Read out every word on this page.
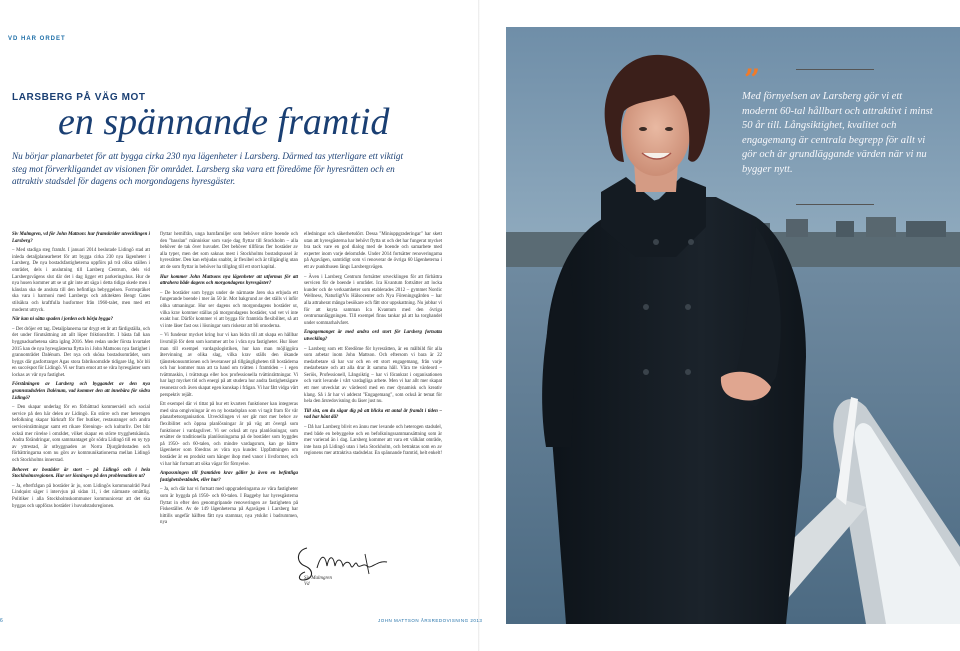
VD HAR ORDET
LARSBERG PÅ VÄG MOT
en spännande framtid
Nu börjar planarbetet för att bygga cirka 230 nya lägenheter i Larsberg. Därmed tas ytterligare ett viktigt steg mot förverkligandet av visionen för området. Larsberg ska vara ett föredöme för hyresrätten och en attraktiv stadsdel för dagens och morgondagens hyresgäster.

Siv Malmgren, vd för John Mattson: hur framskrider utvecklingen i Larsberg?

– Med stadiga steg framåt. I januari 2014 beslutade Lidingö stad att inleda detaljplanearbetet för att bygga cirka 230 nya lägenheter i Larsberg. De nya bostadsfastigheterna uppförs på två olika ställen i området, dels i anslutning till Larsberg Centrum, dels vid Larsbergsvägens slut där det i dag ligger ett parkeringshus. Hur de nya husen kommer att se ut går inte att säga i detta tidiga skede men i känslan ska de ansluta till den befintliga bebyggelsen. Formspråket ska vara i harmoni med Larsbergs och arkitekten Bengt Gates stilsäkra och kraftfulla husformer från 1960-talet, men med ett modernt uttryck.

När kan ni sätta spaden i jorden och börja bygga?

– Det dröjer ett tag. Detaljplanerna tar drygt ett år att färdigställa, och det under förutsättning att allt löper friktionsfritt. I bästa fall kan byggnadsarbetena sätta igång 2016. Men redan under första kvartalet 2015 kan de nya hyresgästerna flytta in i John Mattsons nya fastighet i grannområdet Dalénum. Det nya och sköna bostadsområdet, som byggs där gasfortrarget Agas stora fabriksområde tidigare låg, bör bli en succéspot för Lidingö. Vi ser fram emot att se våra hyresgäster som lockas av vår nya fastighet.

Förståningen av Larsberg och byggandet av den nya grannstadsdelen Dalénum, vad kommer den att innebära för södra Lidingö?

– Den skapar underlag för en förbättrad kommersiell och social service på den här delen av Lidingö. En större och mer heterogen befolkning skapar bärkraft för fler butiker, restauranger och andra serviceinrättningar samt ett rikare förenings- och kulturliv. Det blir också mer rörelse i området, vilket skapar en större trygghetskänsla. Andra förändringar, som sammantaget gör södra Lidingö till en ny typ av yttrestad, är utbyggnaden av Norra Djurgårdsstaden och förbättringarna som nu görs av kommunikationerna mellan Lidingö och Stockholms innerstad.

Behovet av bostäder är stort – på Lidingö och i hela Stockholmsregionen. Hur ser lösningen på den problematiken ut?

– Ja, efterfrågan på bostäder är ju, som Lidingös kommunalråd Paul Lindquist säger i intervjun på sidan 11, i det närmaste omättlig. Politiker i alla Stockholmskommuner kommunicerar att det ska byggas och uppföras bostäder i huvudstadsregionen.

flyttar hemifrån, unga barnfamiljer som behöver större boende och den "basslan" människor som varje dag flyttar till Stockholm – alla behöver de tak över huvudet. Det behöver tillföras fler bostäder av alla typer, men det som saknas mest i Stockholms bostadspussel är hyresrätter. Den kan erbjudas snabbt, är flexibel och är tillgänglig utan att de som flyttar in behöver ha tillgång till ett stort kapital.

Hur kommer John Mattsons nya lägenheter att utformas för att attrahera både dagens och morgondagens hyresgäster?

– De bostäder som byggs under de närmaste åren ska erbjuda ett fungerande boende i mer än 50 år. Mot bakgrund av det ställs vi inför olika utmaningar. Hur ser dagens och morgondagens bostäder ut, vilka krav kommer ställas på morgondagens bostäder, vad vet vi inte exakt hur. Därför kommer vi att bygga för framtida flexibilitet, så att vi inte låser fast oss i lösningar som riskerar att bli omoderna.

– Vi funderar mycket kring hur vi kan bidra till att skapa en hållbar livsmiljö för dem som kommer att bo i våra nya fastigheter. Hur löser man till exempel vardagslogistiken, hur kan man möjliggöra återvinning av olika slag, vilka krav ställs den ökande tjänstekonsumtionen och leveranser på tillgängligheten till bostäderna och hur kommer man att ta hand om tvätten i framtiden – i egen tvättmaskin, i tvättstuga eller hos professionella tvättinrättningar. Vi har lagt mycket tid och energi på att studera hur andra fastighetsägare resonerar och även skapat egen kunskap i frågan. Vi har fått vidga vårt perspektiv rejält.

Ett exempel där vi tittat på hur ett kvarters funktioner kan integreras med sina omgivningar är en ny bostadsplan som vi tagit fram för vår planarbetsorganisation. Utvecklingen vi ser går mot mer behov av flexibilitet och öppna planlösningar är på väg att övergå som funktioner i vardagslivet. Vi ser också att nya planlösningar, som ersätter de traditionella planlösningarna på de bostäder som byggdes på 1950- och 60-talen, och mindre vardagsrum, kan ge bättre lägenheter som föredras av våra nya kunder. Uppfattningen om bostäder är en produkt som hänger ihop med vanor i livsformer, och vi har här fortsatt att söka vägar för förnyelse.

Anpassningen till framtiden krav gäller ju även en befintliga fastighetsbeståndet, eller hur?

– Ja, och där har vi fortsatt med uppgraderingarna av våra fastigheter som är byggda på 1950- och 60-talen. I Baggeby har hyresgästerna flyttat in efter den genomgripande renoveringen av fastigheten på Fiskestället. Av de 149 lägenheterna på Agavägen i Larsberg har hittills ungefär hälften fått nya stammar, nya ytskikt i badrummen, nya

elledningar och säkerhetsdörr. Dessa "Miniuppgraderingar" har skett utan att hyresgästerna har behövt flytta ut och det har fungerat mycket bra tack vare en god dialog med de boende och samarbete med experter inom varje delområde. Under 2014 fortsätter renoveringarna på Agavägen, samtidigt som vi renoverar de övriga 60 lägenheterna i ett av punkthusen längs Larsbergsvägen.

– Även i Larsberg Centrum fortsätter utvecklingen för att förbättra servicen för de boende i området. Ica Kvantum fortsätter att locka kunder och de verksamheter som etablerades 2012 – gymmet Nordic Wellness, NaturligtVis Hälsocenter och Nya Föreningsgården – har alla attraherat många besökare och fått stor uppskattning. Nu jobbar vi för att knyta samman Ica Kvantum med den övriga centrumanläggningen. Till exempel finns tankar på att ha torghandel under sommarhalvåret.

Engagemanget är med andra ord stort för Larsberg fortsatta utveckling?

– Larsberg som ett föredöme för hyresrätten, är en målbild för alla som arbetar inom John Mattson. Och eftersom vi bara är 22 medarbetare så har var och en ett stort engagemang, från varje medarbetare och att alla drar åt samma håll. Våra tre värdeord – Seriös, Professionell, Långsiktig – har vi förankrat i organisationen och varit levande i vårt vardagliga arbete. Men vi har allt mer skapat ett mer utvecklat av värdeord med en mer dynamisk och kreativ klang. Så i år har vi adderat "Engagemang", som också är temat för hela den årsredovisning du läser just nu.

Till sist, om du sågar dig på att blicka ett antal år framåt i tiden – vad har hänt då?

– Då har Larsberg blivit en ännu mer levande och heterogen stadsdel, med både en bebyggelse och en befolkningssammansättning som är mer varierad än i dag. Larsberg kommer att vara ett välkänt område, inte bara på Lidingö utan i hela Stockholm, och betraktas som en av regionens mer attraktiva stadsdelar. En spännande framtid, helt enkelt!

Siv Malmgren
Vd
6	JOHN MATTSON ÅRSREDOVISNING 2013
”
Med förnyelsen av Larsberg gör vi ett modernt 60-tal hållbart och attraktivt i minst 50 år till. Långsiktighet, kvalitet och engagemang är centrala begrepp för allt vi gör och är grundläggande värden när vi nu bygger nytt.
